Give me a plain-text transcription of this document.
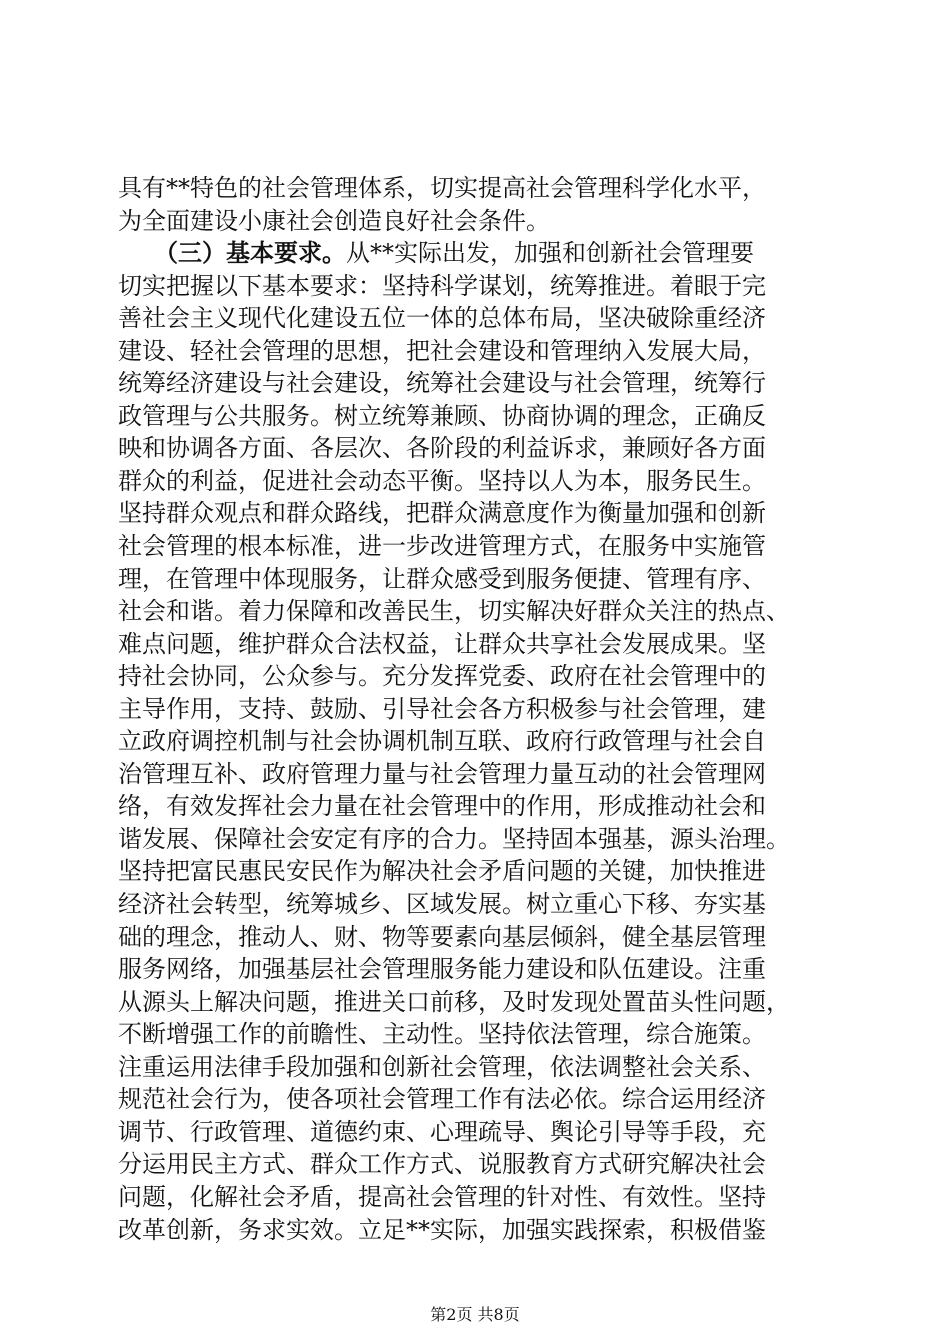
具有**特色的社会管理体系，切实提高社会管理科学化水平，
为全面建设小康社会创造良好社会条件。
　　（三）基本要求。从**实际出发，加强和创新社会管理要
切实把握以下基本要求：坚持科学谋划，统筹推进。着眼于完
善社会主义现代化建设五位一体的总体布局，坚决破除重经济
建设、轻社会管理的思想，把社会建设和管理纳入发展大局，
统筹经济建设与社会建设，统筹社会建设与社会管理，统筹行
政管理与公共服务。树立统筹兼顾、协商协调的理念，正确反
映和协调各方面、各层次、各阶段的利益诉求，兼顾好各方面
群众的利益，促进社会动态平衡。坚持以人为本，服务民生。
坚持群众观点和群众路线，把群众满意度作为衡量加强和创新
社会管理的根本标准，进一步改进管理方式，在服务中实施管
理，在管理中体现服务，让群众感受到服务便捷、管理有序、
社会和谐。着力保障和改善民生，切实解决好群众关注的热点、
难点问题，维护群众合法权益，让群众共享社会发展成果。坚
持社会协同，公众参与。充分发挥党委、政府在社会管理中的
主导作用，支持、鼓励、引导社会各方积极参与社会管理，建
立政府调控机制与社会协调机制互联、政府行政管理与社会自
治管理互补、政府管理力量与社会管理力量互动的社会管理网
络，有效发挥社会力量在社会管理中的作用，形成推动社会和
谐发展、保障社会安定有序的合力。坚持固本强基，源头治理。
坚持把富民惠民安民作为解决社会矛盾问题的关键，加快推进
经济社会转型，统筹城乡、区域发展。树立重心下移、夯实基
础的理念，推动人、财、物等要素向基层倾斜，健全基层管理
服务网络，加强基层社会管理服务能力建设和队伍建设。注重
从源头上解决问题，推进关口前移，及时发现处置苗头性问题，
不断增强工作的前瞻性、主动性。坚持依法管理，综合施策。
注重运用法律手段加强和创新社会管理，依法调整社会关系、
规范社会行为，使各项社会管理工作有法必依。综合运用经济
调节、行政管理、道德约束、心理疏导、舆论引导等手段，充
分运用民主方式、群众工作方式、说服教育方式研究解决社会
问题，化解社会矛盾，提高社会管理的针对性、有效性。坚持
改革创新，务求实效。立足**实际，加强实践探索，积极借鉴
第2页 共8页
